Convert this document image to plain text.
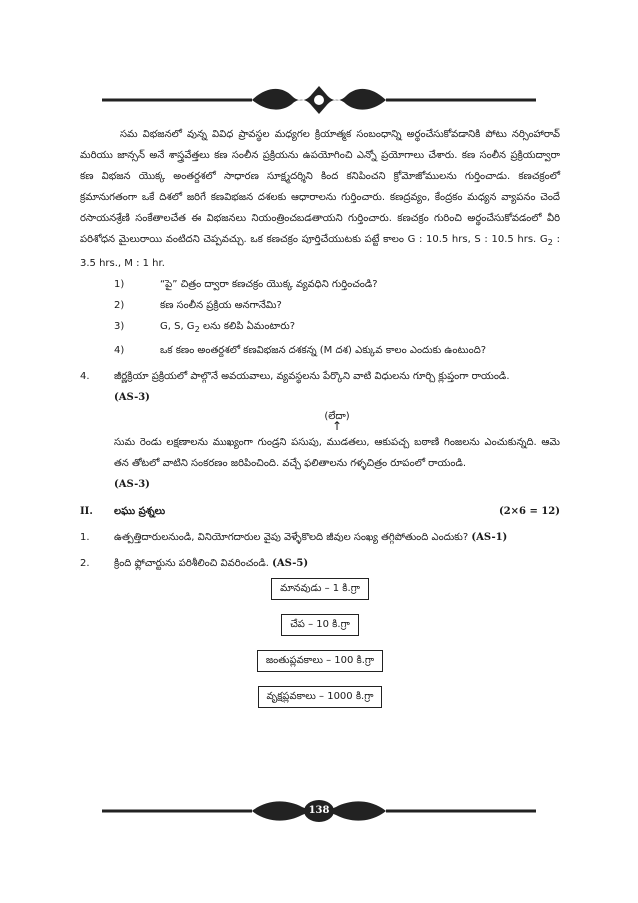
సమ విభజనలో వున్న వివిధ ప్రావస్థల మధ్యగల క్రియాత్మక సంబంధాన్ని అర్థంచేసుకోవడానికి పోటు నర్సింహారావ్ మరియు జాన్సన్ అనే శాస్త్రవేత్తలు కణ సంలీన ప్రక్రియను ఉపయోగించి ఎన్నో ప్రయోగాలు చేశారు. కణ సంలీన ప్రక్రియద్వారా కణ విభజన యొక్క అంతర్దశలో సాధారణ సూక్ష్మదర్శిని కింద కనిపించని క్రోమోజోములను గుర్తించాడు. కణచక్రంలో క్రమానుగతంగా ఒకే దిశలో జరిగే కణవిభజన దశలకు ఆధారాలను గుర్తించారు. కణద్రవ్యం, కేంద్రకం మధ్యన వ్యాపనం చెందే రసాయనశ్రేణి సంకేతాలచేత ఈ విభజనలు నియంత్రించబడతాయని గుర్తించారు. కణచక్రం గురించి అర్థంచేసుకోవడంలో వీరి పరిశోధన మైలురాయి వంటిదని చెప్పవచ్చు. ఒక కణచక్రం పూర్తిచేయుటకు పట్టే కాలం G : 10.5 hrs, S : 10.5 hrs. $G_2$ : 3.5 hrs., M : 1 hr.

1)	“పై” చిత్రం ద్వారా కణచక్రం యొక్క వ్యవధిని గుర్తించండి?
2)	కణ సంలీన ప్రక్రియ అనగానేమి?
3)	G, S, $G_2$ లను కలిపి ఏమంటారు?
4)	ఒక కణం అంతర్దశలో కణవిభజన దశకన్న (M దశ) ఎక్కువ కాలం ఎందుకు ఉంటుంది?
4.	జీర్ణక్రియా ప్రక్రియలో పాల్గొనే అవయవాలు, వ్యవస్థలను పేర్కొని వాటి విధులను గూర్చి క్లుప్తంగా రాయండి.
(AS-3)
(లేదా)
↑
సుమ రెండు లక్షణాలను ముఖ్యంగా గుండ్రని పసుపు, ముడతలు, ఆకుపచ్చ బఠాణి గింజలను ఎంచుకున్నది. ఆమె తన తోటలో వాటిని సంకరణం జరిపించింది. వచ్చే ఫలితాలను గళ్ళచిత్రం రూపంలో రాయండి.
(AS-3)
II.	లఘు ప్రశ్నలు	(2×6 = 12)
1.	ఉత్పత్తిదారులనుండి, వినియోగదారుల వైపు వెళ్ళేకొలది జీవుల సంఖ్య తగ్గిపోతుంది ఎందుకు? (AS-1)
2.	క్రింది ఫ్లోచార్టును పరిశీలించి వివరించండి. (AS-5)
మానవుడు – 1 కి.గ్రా
చేప – 10 కి.గ్రా
జంతుప్లవకాలు – 100 కి.గ్రా
వృక్షప్లవకాలు – 1000 కి.గ్రా
138
